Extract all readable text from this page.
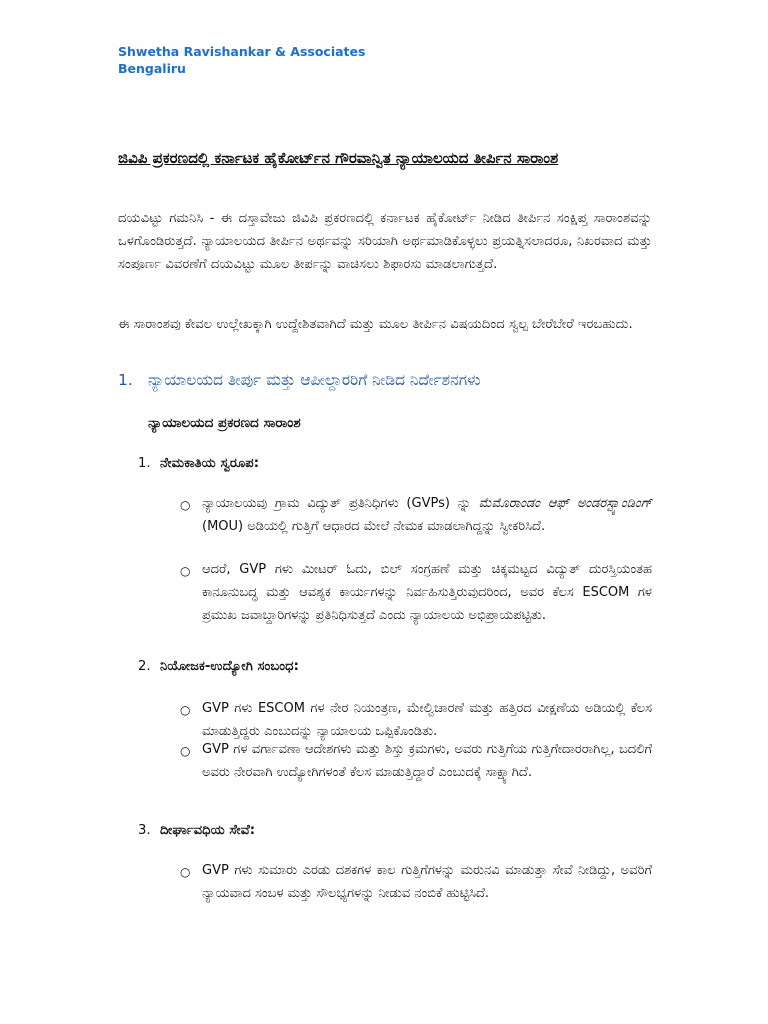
Shwetha Ravishankar & Associates
Bengaliru
ಜಿವಿಪಿ ಪ್ರಕರಣದಲ್ಲಿ ಕರ್ನಾಟಕ ಹೈಕೋರ್ಟ್‌ನ ಗೌರವಾನ್ವಿತ ನ್ಯಾಯಾಲಯದ ತೀರ್ಪಿನ ಸಾರಾಂಶ
ದಯವಿಟ್ಟು ಗಮನಿಸಿ - ಈ ದಸ್ತಾವೇಜು ಜಿವಿಪಿ ಪ್ರಕರಣದಲ್ಲಿ ಕರ್ನಾಟಕ ಹೈಕೋರ್ಟ್ ನೀಡಿದ ತೀರ್ಪಿನ ಸಂಕ್ಷಿಪ್ತ ಸಾರಾಂಶವನ್ನು ಒಳಗೊಂಡಿರುತ್ತದೆ. ನ್ಯಾಯಾಲಯದ ತೀರ್ಪಿನ ಅರ್ಥವನ್ನು ಸರಿಯಾಗಿ ಅರ್ಥಮಾಡಿಕೊಳ್ಳಲು ಪ್ರಯತ್ನಿಸಲಾದರೂ, ನಿಖರವಾದ ಮತ್ತು ಸಂಪೂರ್ಣ ವಿವರಣೆಗೆ ದಯವಿಟ್ಟು ಮೂಲ ತೀರ್ಪನ್ನು ವಾಚಿಸಲು ಶಿಫಾರಸು ಮಾಡಲಾಗುತ್ತದೆ.
ಈ ಸಾರಾಂಶವು ಕೇವಲ ಉಲ್ಲೇಖಕ್ಕಾಗಿ ಉದ್ದೇಶಿತವಾಗಿದೆ ಮತ್ತು ಮೂಲ ತೀರ್ಪಿನ ವಿಷಯದಿಂದ ಸ್ವಲ್ಪ ಬೇರೆಬೇರೆ ಇರಬಹುದು.
1. ನ್ಯಾಯಾಲಯದ ತೀರ್ಪು ಮತ್ತು ಆಪೀಲ್ದಾರರಿಗೆ ನೀಡಿದ ನಿರ್ದೇಶನಗಳು
ನ್ಯಾಯಾಲಯದ ಪ್ರಕರಣದ ಸಾರಾಂಶ
1. ನೇಮಕಾತಿಯ ಸ್ವರೂಪ:
○ ನ್ಯಾಯಾಲಯವು ಗ್ರಾಮ ವಿದ್ಯುತ್ ಪ್ರತಿನಿಧಿಗಳು (GVPs) ನ್ನು ಮೆಮೊರಾಂಡಂ ಆಫ್ ಅಂಡರಸ್ಟ್ಯಾಂಡಿಂಗ್ (MOU) ಅಡಿಯಲ್ಲಿ ಗುತ್ತಿಗೆ ಆಧಾರದ ಮೇಲೆ ನೇಮಕ ಮಾಡಲಾಗಿದ್ದನ್ನು ಸ್ವೀಕರಿಸಿದೆ.
○ ಆದರೆ, GVP ಗಳು ಮೀಟರ್ ಓದು, ಬಿಲ್ ಸಂಗ್ರಹಣೆ ಮತ್ತು ಚಿಕ್ಕಮಟ್ಟದ ವಿದ್ಯುತ್ ದುರಸ್ತಿಯಂತಹ ಕಾನೂನುಬದ್ಧ ಮತ್ತು ಆವಶ್ಯಕ ಕಾರ್ಯಗಳನ್ನು ನಿರ್ವಹಿಸುತ್ತಿರುವುದರಿಂದ, ಅವರ ಕೆಲಸ ESCOM ಗಳ ಪ್ರಮುಖ ಜವಾಬ್ದಾರಿಗಳನ್ನು ಪ್ರತಿನಿಧಿಸುತ್ತದೆ ಎಂದು ನ್ಯಾಯಾಲಯ ಅಭಿಪ್ರಾಯಪಟ್ಟಿತು.
2. ನಿಯೋಜಕ-ಉದ್ಯೋಗಿ ಸಂಬಂಧ:
○ GVP ಗಳು ESCOM ಗಳ ನೇರ ನಿಯಂತ್ರಣ, ಮೇಲ್ವಿಚಾರಣೆ ಮತ್ತು ಹತ್ತಿರದ ವೀಕ್ಷಣೆಯ ಅಡಿಯಲ್ಲಿ ಕೆಲಸ ಮಾಡುತ್ತಿದ್ದರು ಎಂಬುದನ್ನು ನ್ಯಾಯಾಲಯ ಒಪ್ಪಿಕೊಂಡಿತು.
○ GVP ಗಳ ವರ್ಗಾವಣಾ ಆದೇಶಗಳು ಮತ್ತು ಶಿಸ್ತು ಕ್ರಮಗಳು, ಅವರು ಗುತ್ತಿಗೆಯ ಗುತ್ತಿಗೇದಾರರಾಗಿಲ್ಲ, ಬದಲಿಗೆ ಅವರು ನೇರವಾಗಿ ಉದ್ಯೋಗಿಗಳಂತೆ ಕೆಲಸ ಮಾಡುತ್ತಿದ್ದಾರೆ ಎಂಬುದಕ್ಕೆ ಸಾಕ್ಷ್ಯಾಗಿದೆ.
3. ದೀರ್ಘಾವಧಿಯ ಸೇವೆ:
○ GVP ಗಳು ಸುಮಾರು ಎರಡು ದಶಕಗಳ ಕಾಲ ಗುತ್ತಿಗೆಗಳನ್ನು ಮರುನವಿ ಮಾಡುತ್ತಾ ಸೇವೆ ನೀಡಿದ್ದು, ಅವರಿಗೆ ನ್ಯಾಯವಾದ ಸಂಬಳ ಮತ್ತು ಸೌಲಭ್ಯಗಳನ್ನು ನೀಡುವ ನಂಬಿಕೆ ಹುಟ್ಟಿಸಿದೆ.
